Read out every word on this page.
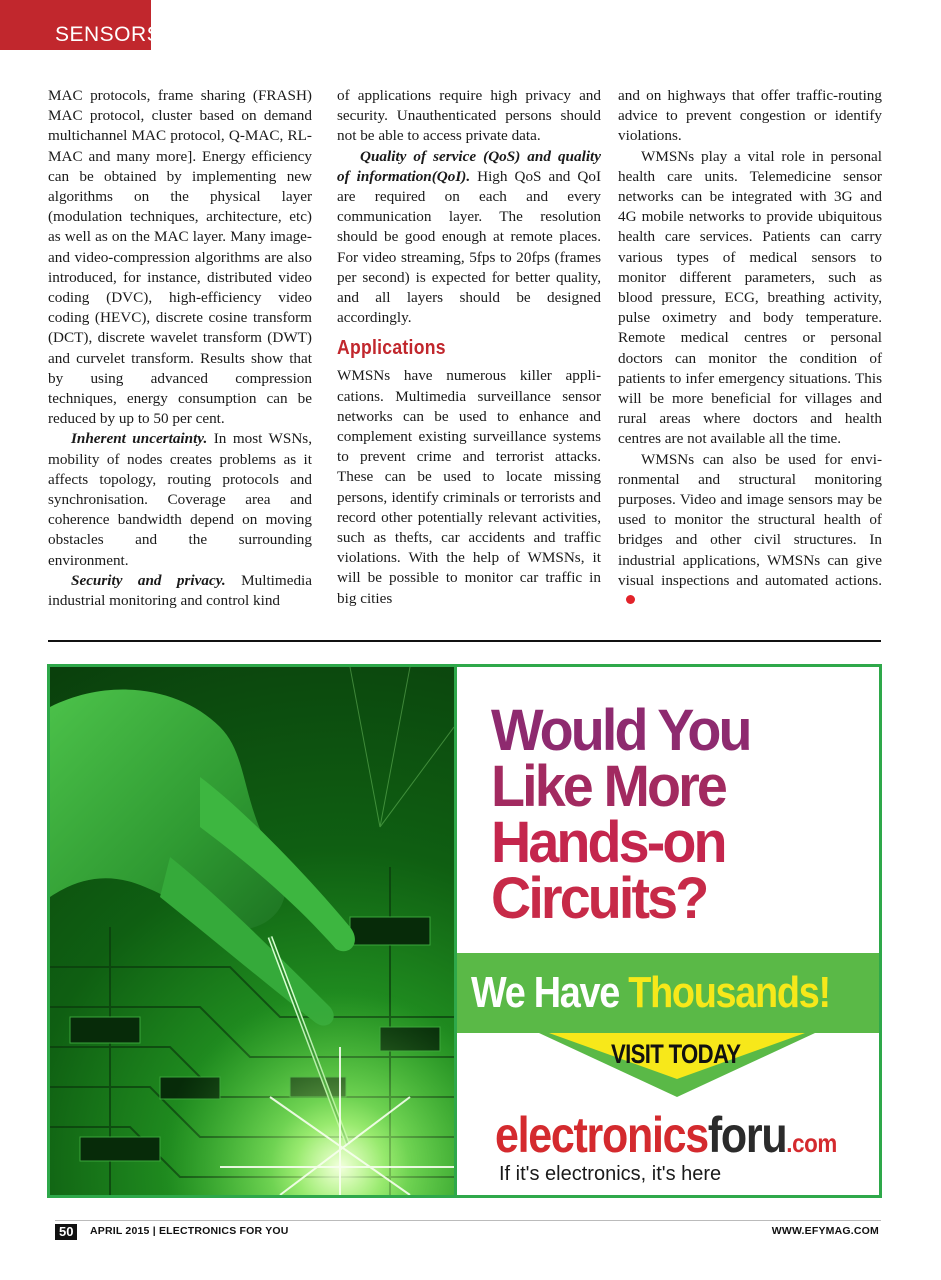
SENSORS

MAC protocols, frame sharing (FRASH) MAC protocol, cluster based on demand multichannel MAC protocol, Q-MAC, RL-MAC and many more]. Energy efficiency can be obtained by implementing new algorithms on the physical layer (modulation techniques, architecture, etc) as well as on the MAC layer. Many image- and video-compression algorithms are also introduced, for instance, distributed video coding (DVC), high-efficiency video coding (HEVC), discrete cosine transform (DCT), discrete wavelet transform (DWT) and curvelet transform. Results show that by using advanced compression techniques, energy consumption can be reduced by up to 50 per cent.

Inherent uncertainty. In most WSNs, mobility of nodes creates problems as it affects topology, routing protocols and synchronisation. Coverage area and coherence bandwidth depend on moving obstacles and the surrounding environment.

Security and privacy. Multimedia industrial monitoring and control kind

of applications require high privacy and security. Unauthenticated persons should not be able to access private data.

Quality of service (QoS) and quality of information(QoI). High QoS and QoI are required on each and every communication layer. The resolution should be good enough at remote places. For video streaming, 5fps to 20fps (frames per second) is expected for better quality, and all layers should be designed accordingly.

Applications

WMSNs have numerous killer applications. Multimedia surveillance sensor networks can be used to enhance and complement existing surveillance systems to prevent crime and terrorist attacks. These can be used to locate missing persons, identify criminals or terrorists and record other potentially relevant activities, such as thefts, car accidents and traffic violations. With the help of WMSNs, it will be possible to monitor car traffic in big cities

and on highways that offer traffic-routing advice to prevent congestion or identify violations.

WMSNs play a vital role in personal health care units. Telemedicine sensor networks can be integrated with 3G and 4G mobile networks to provide ubiquitous health care services. Patients can carry various types of medical sensors to monitor different parameters, such as blood pressure, ECG, breathing activity, pulse oximetry and body temperature. Remote medical centres or personal doctors can monitor the condition of patients to infer emergency situations. This will be more beneficial for villages and rural areas where doctors and health centres are not available all the time.

WMSNs can also be used for environmental and structural monitoring purposes. Video and image sensors may be used to monitor the structural health of bridges and other civil structures. In industrial applications, WMSNs can give visual inspections and automated actions.

Would You
Like More
Hands-on
Circuits?
We Have Thousands!
VISIT TODAY
electronicsforu.com
If it's electronics, it's here
50	APRIL 2015 | ELECTRONICS FOR YOU	WWW.EFYMAG.COM
